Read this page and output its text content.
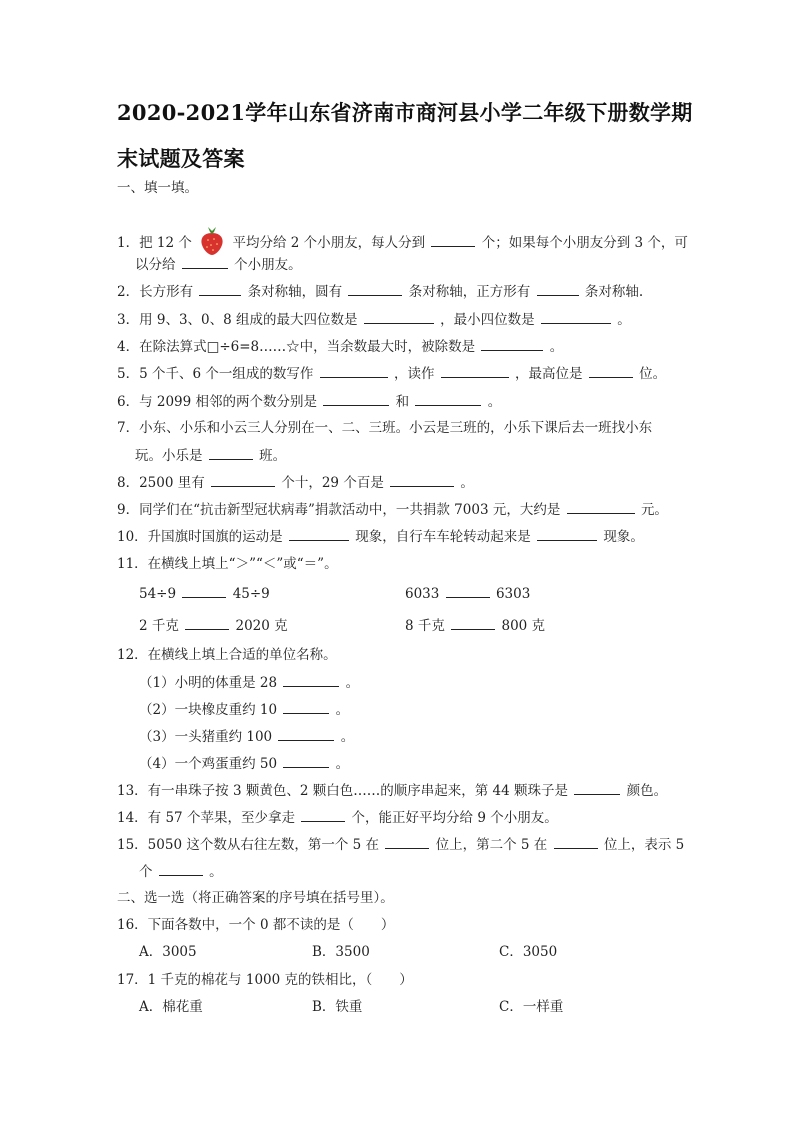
2020-2021学年山东省济南市商河县小学二年级下册数学期末试题及答案
一、填一填。
1．把 12 个	平均分给 2 个小朋友，每人分到	个；如果每个小朋友分到 3 个，可
以分给	个小朋友。
2．长方形有	条对称轴，圆有	条对称轴，正方形有	条对称轴.
3．用 9、3、0、8 组成的最大四位数是	，最小四位数是	。
4．在除法算式□÷6=8……☆中，当余数最大时，被除数是	。
5．5 个千、6 个一组成的数写作	，读作	，最高位是	位。
6．与 2099 相邻的两个数分别是	和	。
7．小东、小乐和小云三人分别在一、二、三班。小云是三班的，小乐下课后去一班找小东
玩。小乐是	班。
8．2500 里有	个十，29 个百是	。
9．同学们在“抗击新型冠状病毒”捐款活动中，一共捐款 7003 元，大约是	元。
10．升国旗时国旗的运动是	现象，自行车车轮转动起来是	现象。
11．在横线上填上“＞”“＜”或“＝”。
54÷9	45÷9	6033	6303
2 千克	2020 克	8 千克	800 克
12．在横线上填上合适的单位名称。
（1）小明的体重是 28	。
（2）一块橡皮重约 10	。
（3）一头猪重约 100	。
（4）一个鸡蛋重约 50	。
13．有一串珠子按 3 颗黄色、2 颗白色……的顺序串起来，第 44 颗珠子是	颜色。
14．有 57 个苹果，至少拿走	个，能正好平均分给 9 个小朋友。
15．5050 这个数从右往左数，第一个 5 在	位上，第二个 5 在	位上，表示 5
个	。
二、选一选（将正确答案的序号填在括号里）。
16．下面各数中，一个 0 都不读的是（　　）
A．3005	B．3500	C．3050
17．1 千克的棉花与 1000 克的铁相比，（　　）
A．棉花重	B．铁重	C．一样重
